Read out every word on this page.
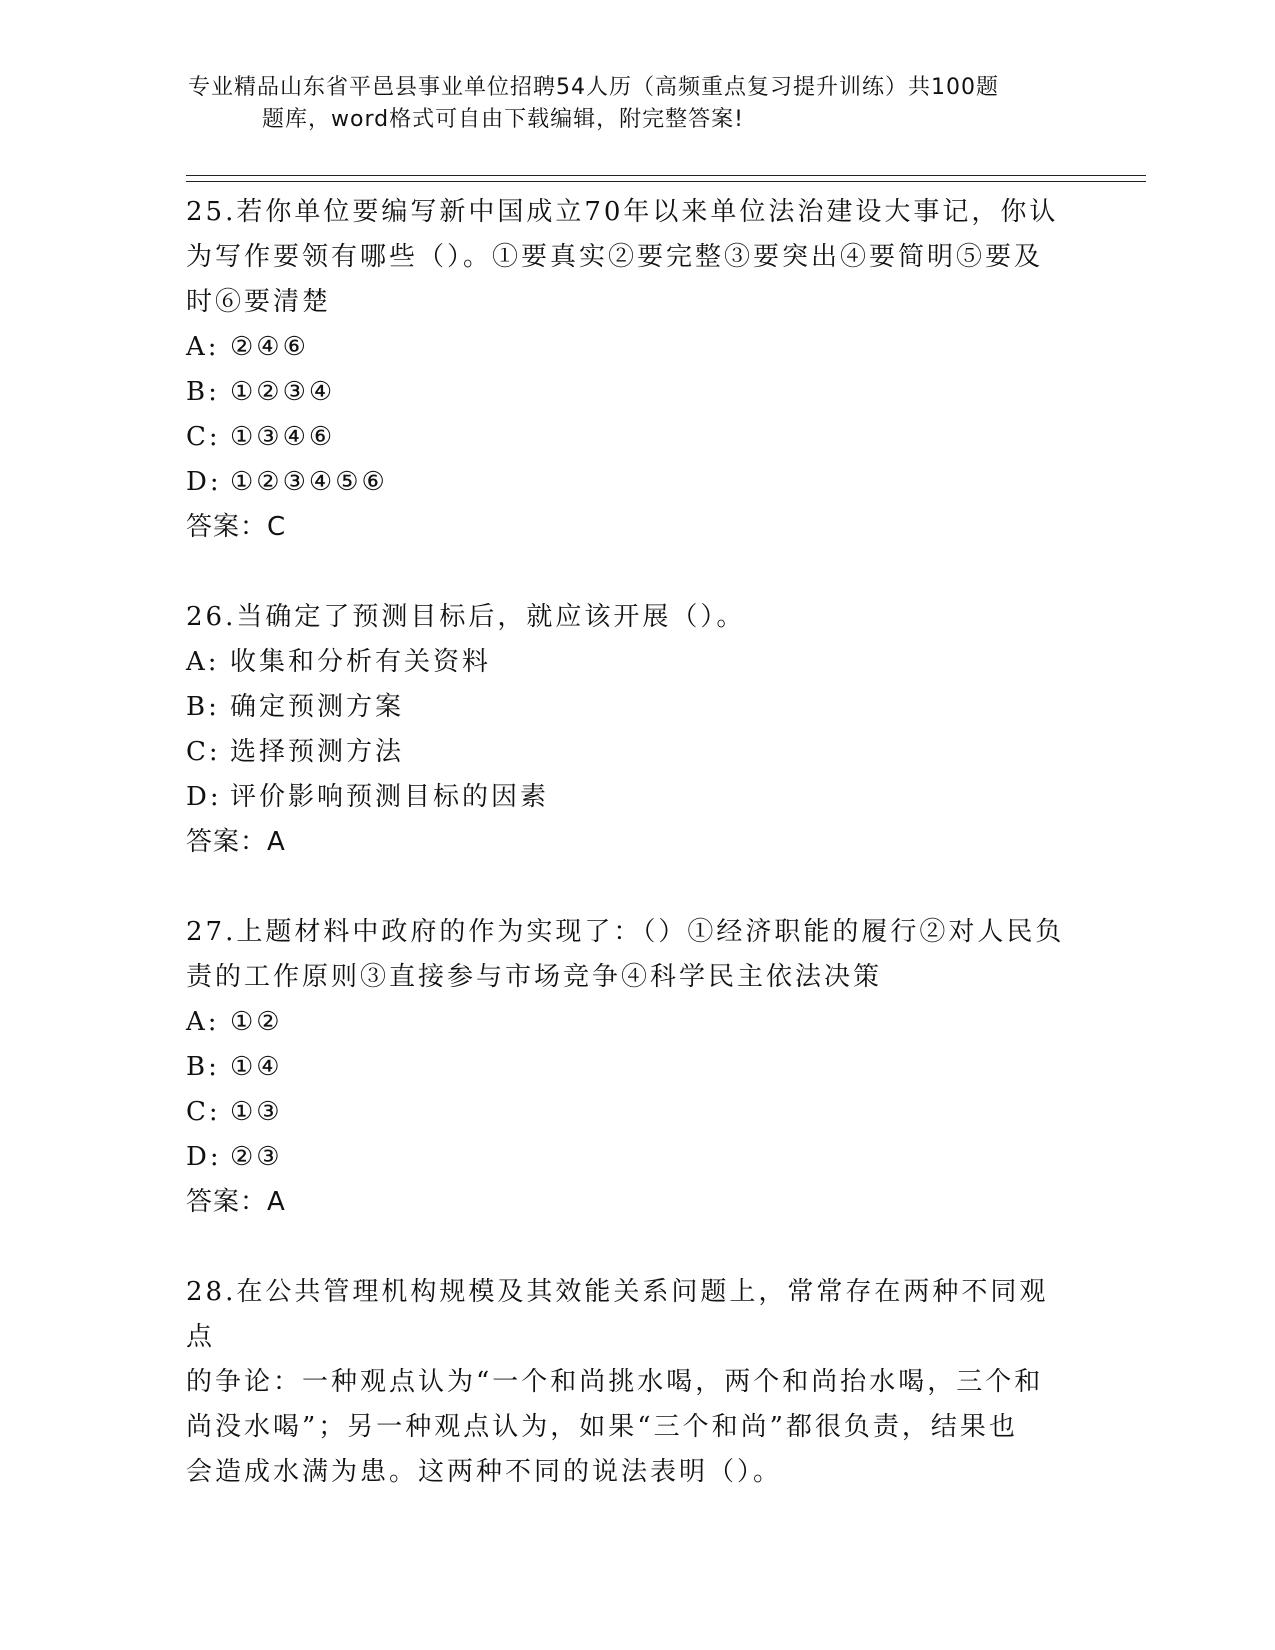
专业精品山东省平邑县事业单位招聘54人历（高频重点复习提升训练）共100题
题库，word格式可自由下载编辑，附完整答案!

25.若你单位要编写新中国成立70年以来单位法治建设大事记，你认

为写作要领有哪些（）。①要真实②要完整③要突出④要简明⑤要及

时⑥要清楚

A: ②④⑥

B: ①②③④

C: ①③④⑥

D: ①②③④⑤⑥

答案：C

26.当确定了预测目标后，就应该开展（）。

A: 收集和分析有关资料

B: 确定预测方案

C: 选择预测方法

D: 评价影响预测目标的因素

答案：A

27.上题材料中政府的作为实现了：（）①经济职能的履行②对人民负

责的工作原则③直接参与市场竞争④科学民主依法决策

A: ①②

B: ①④

C: ①③

D: ②③

答案：A

28.在公共管理机构规模及其效能关系问题上，常常存在两种不同观点

的争论：一种观点认为“一个和尚挑水喝，两个和尚抬水喝，三个和

尚没水喝”；另一种观点认为，如果“三个和尚”都很负责，结果也

会造成水满为患。这两种不同的说法表明（）。
